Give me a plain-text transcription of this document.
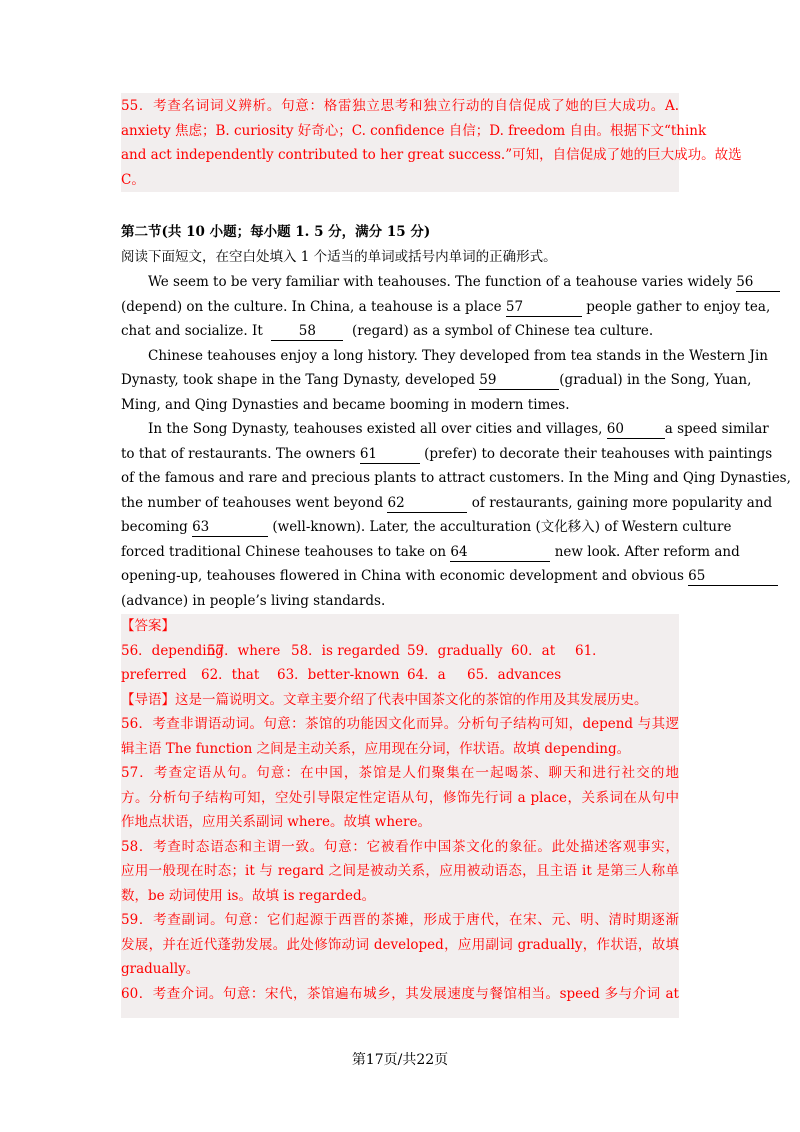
55．考查名词词义辨析。句意：格雷独立思考和独立行动的自信促成了她的巨大成功。A.
anxiety 焦虑；B. curiosity 好奇心；C. confidence 自信；D. freedom 自由。根据下文“think
and act independently contributed to her great success.”可知，自信促成了她的巨大成功。故选
C。
第二节(共 10 小题；每小题 1. 5 分，满分 15 分)
阅读下面短文，在空白处填入 1 个适当的单词或括号内单词的正确形式。
We seem to be very familiar with teahouses. The function of a teahouse varies widely 56
(depend) on the culture. In China, a teahouse is a place 57	people gather to enjoy tea,
chat and socialize. It	58	(regard) as a symbol of Chinese tea culture.
Chinese teahouses enjoy a long history. They developed from tea stands in the Western Jin
Dynasty, took shape in the Tang Dynasty, developed 59	(gradual) in the Song, Yuan,
Ming, and Qing Dynasties and became booming in modern times.
In the Song Dynasty, teahouses existed all over cities and villages, 60	a speed similar
to that of restaurants. The owners 61	(prefer) to decorate their teahouses with paintings
of the famous and rare and precious plants to attract customers. In the Ming and Qing Dynasties,
the number of teahouses went beyond 62	of restaurants, gaining more popularity and
becoming 63	(well-known). Later, the acculturation (文化移入) of Western culture
forced traditional Chinese teahouses to take on 64	new look. After reform and
opening-up, teahouses flowered in China with economic development and obvious 65
(advance) in people’s living standards.
【答案】
56．depending57．where 58．is regarded 59．gradually 60．at 61．
preferred 62．that 63．better-known 64．a 65．advances
【导语】这是一篇说明文。文章主要介绍了代表中国茶文化的茶馆的作用及其发展历史。
56．考查非谓语动词。句意：茶馆的功能因文化而异。分析句子结构可知，depend 与其逻
辑主语 The function 之间是主动关系，应用现在分词，作状语。故填 depending。
57．考查定语从句。句意：在中国，茶馆是人们聚集在一起喝茶、聊天和进行社交的地
方。分析句子结构可知，空处引导限定性定语从句，修饰先行词 a place，关系词在从句中
作地点状语，应用关系副词 where。故填 where。
58．考查时态语态和主谓一致。句意：它被看作中国茶文化的象征。此处描述客观事实，
应用一般现在时态；it 与 regard 之间是被动关系，应用被动语态，且主语 it 是第三人称单
数，be 动词使用 is。故填 is regarded。
59．考查副词。句意：它们起源于西晋的茶摊，形成于唐代，在宋、元、明、清时期逐渐
发展，并在近代蓬勃发展。此处修饰动词 developed，应用副词 gradually，作状语，故填
gradually。
60．考查介词。句意：宋代，茶馆遍布城乡，其发展速度与餐馆相当。speed 多与介词 at
第17页/共22页
